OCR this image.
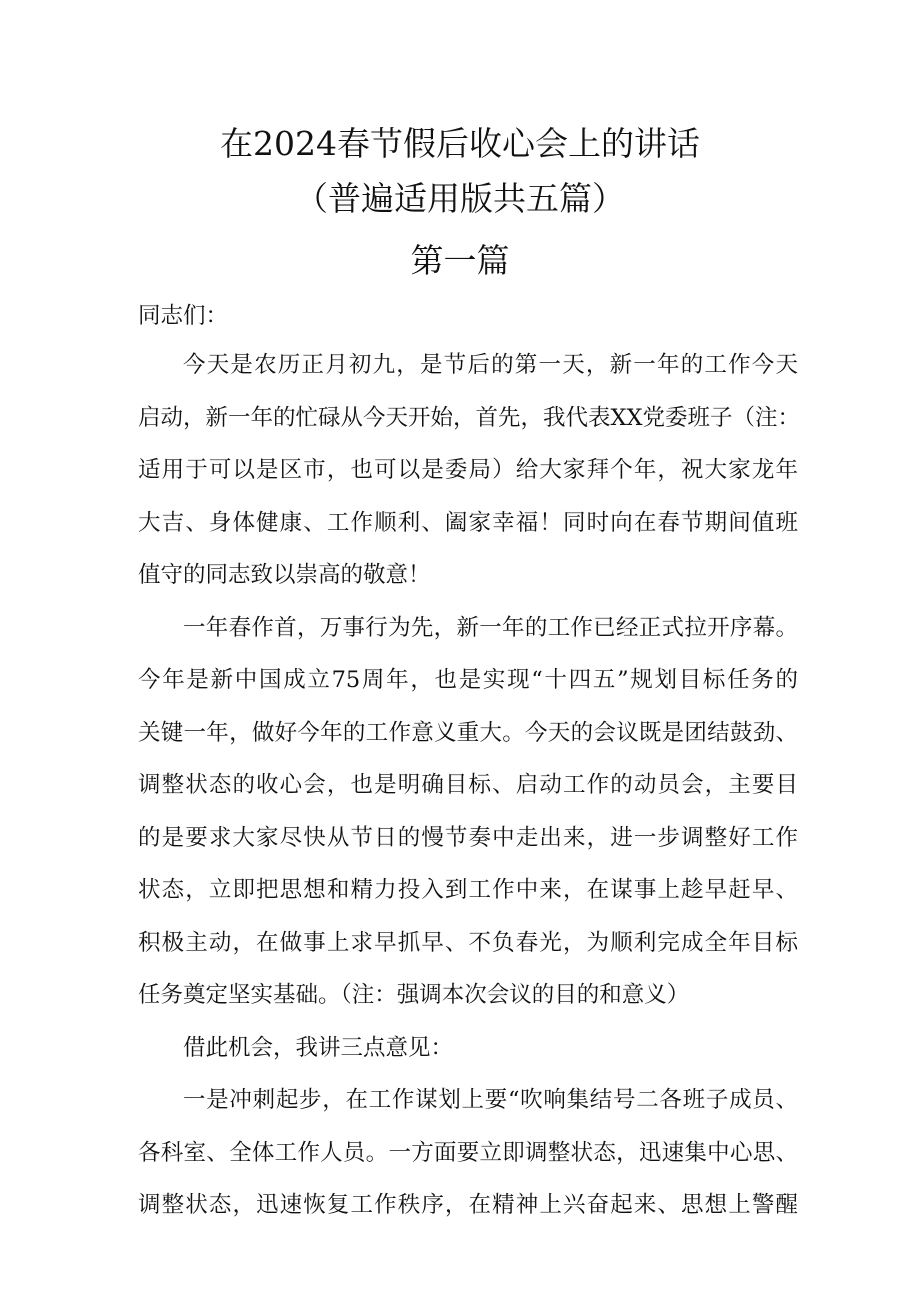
在2024春节假后收心会上的讲话
（普遍适用版共五篇）
第一篇
同志们：
今天是农历正月初九，是节后的第一天，新一年的工作今天
启动，新一年的忙碌从今天开始，首先，我代表XX党委班子（注：
适用于可以是区市，也可以是委局）给大家拜个年，祝大家龙年
大吉、身体健康、工作顺利、阖家幸福！同时向在春节期间值班
值守的同志致以崇高的敬意！
一年春作首，万事行为先，新一年的工作已经正式拉开序幕。
今年是新中国成立75周年，也是实现“十四五”规划目标任务的
关键一年，做好今年的工作意义重大。今天的会议既是团结鼓劲、
调整状态的收心会，也是明确目标、启动工作的动员会，主要目
的是要求大家尽快从节日的慢节奏中走出来，进一步调整好工作
状态，立即把思想和精力投入到工作中来，在谋事上趁早赶早、
积极主动，在做事上求早抓早、不负春光，为顺利完成全年目标
任务奠定坚实基础。（注：强调本次会议的目的和意义）
借此机会，我讲三点意见：
一是冲刺起步，在工作谋划上要“吹响集结号二各班子成员、
各科室、全体工作人员。一方面要立即调整状态，迅速集中心思、
调整状态，迅速恢复工作秩序，在精神上兴奋起来、思想上警醒
